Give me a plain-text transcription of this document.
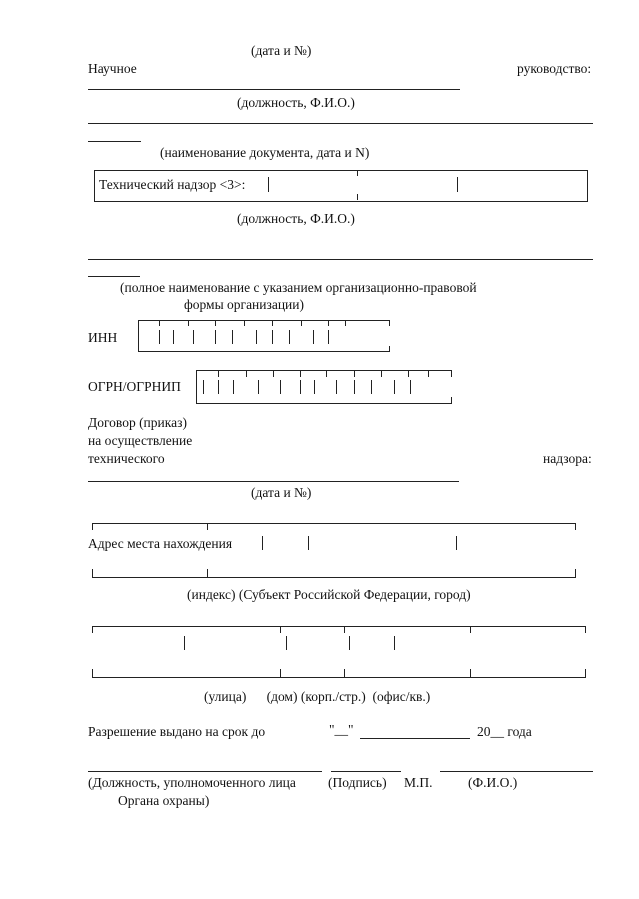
(дата и №)
Научное	руководство:
(должность, Ф.И.О.)
(наименование документа, дата и N)
Технический надзор <3>:
(должность, Ф.И.О.)
(полное наименование с указанием организационно-правовой
формы организации)
ИНН
ОГРН/ОГРНИП
Договор (приказ)
на осуществление
технического	надзора:
(дата и №)
Адрес места нахождения
(индекс) (Субъект Российской Федерации, город)
(улица)      (дом) (корп./стр.)  (офис/кв.)
Разрешение выдано на срок до	"__"	20__ года
(Должность, уполномоченного лица (Подпись) М.П.	(Ф.И.О.)
Органа охраны)
